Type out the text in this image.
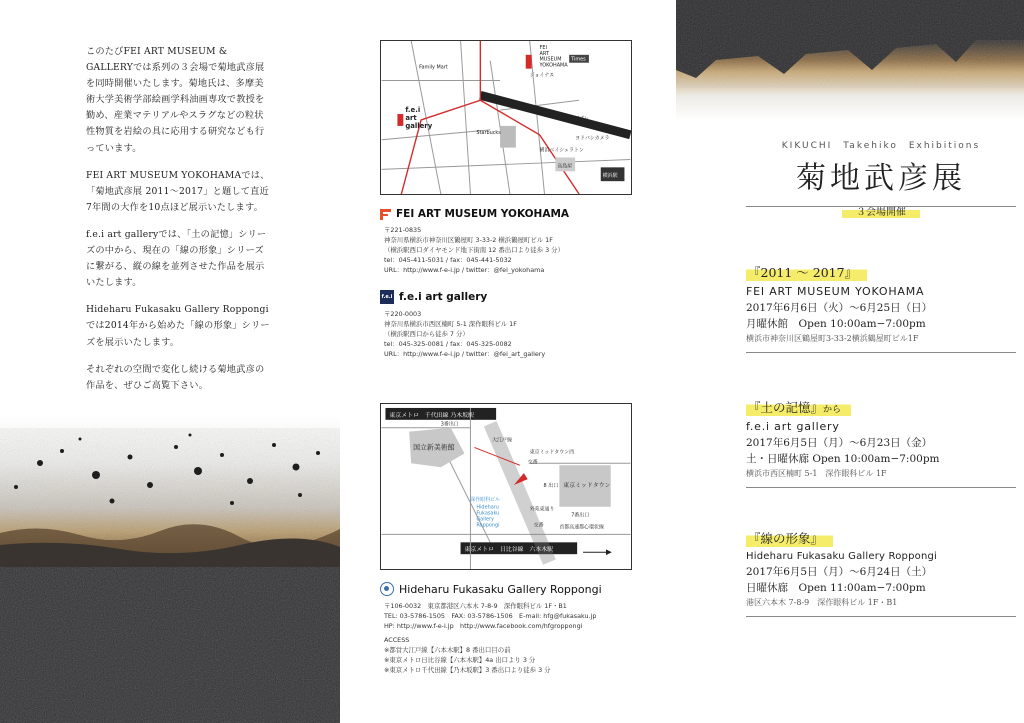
このたびFEI ART MUSEUM & GALLERYでは系列の３会場で菊地武彦展を同時開催いたします。菊地氏は、多摩美術大学美術学部絵画学科油画専攻で教授を勤め、産業マテリアルやスラグなどの粒状性物質を岩絵の具に応用する研究なども行っています。

FEI ART MUSEUM YOKOHAMAでは、「菊地武彦展 2011〜2017」と題して直近7年間の大作を10点ほど展示いたします。

f.e.i art galleryでは、「土の記憶」シリーズの中から、現在の「線の形象」シリーズに繋がる、縦の線を並列させた作品を展示いたします。

Hideharu Fukasaku Gallery Roppongiでは2014年から始めた「線の形象」シリーズを展示いたします。

それぞれの空間で変化し続ける菊地武彦の作品を、ぜひご高覧下さい。

FEI
ART
MUSEUM
YOKOHAMA
f.e.i
art
gallery
Family Mart
Starbucks
Times
高島屋
横浜駅
ジョイナス
ビブレ
ヨドバシカメラ
横浜ベイシェラトン
FEI ART MUSEUM YOKOHAMA
〒221-0835
神奈川県横浜市神奈川区鶴屋町 3-33-2 横浜鶴屋町ビル 1F
（横浜駅西口ダイヤモンド地下街南 12 番出口より徒歩 3 分）
tel：045-411-5031 / fax：045-441-5032
URL：http://www.f-e-i.jp / twitter：@fei_yokohama
f.e.i f.e.i art gallery
〒220-0003
神奈川県横浜市西区楠町 5-1 深作眼科ビル 1F
（横浜駅西口から徒歩 7 分）
tel：045-325-0081 / fax：045-325-0082
URL：http://www.f-e-i.jp / twitter：@fei_art_gallery
東京メトロ　千代田線 乃木坂駅
3番出口
国立新美術館
東京ミッドタウン西
交番
東京ミッドタウン
8 出口
7番出口
外苑東通り
大江戸線
深作眼科ビル
Hideharu
Fukasaku
Gallery
Roppongi	交番	首都高速都心環状線
東京メトロ　日比谷線　六本木駅
Hideharu Fukasaku Gallery Roppongi
〒106-0032　東京都港区六本木 7-8-9　深作眼科ビル 1F・B1
TEL: 03-5786-1505　FAX: 03-5786-1506　E-mail: hfg@fukasaku.jp
HP: http://www.f-e-i.jp　http://www.facebook.com/hfgroppongi
ACCESS
※都営大江戸線【六本木駅】8 番出口目の前
※東京メトロ日比谷線【六本木駅】4a 出口より 3 分
※東京メトロ千代田線【乃木坂駅】3 番出口より徒歩 3 分
KIKUCHI　Takehiko　Exhibitions
菊地武彦展
３会場開催
『2011 〜 2017』
FEI ART MUSEUM YOKOHAMA
2017年6月6日（火）〜6月25日（日）
月曜休館　Open 10:00am−7:00pm
横浜市神奈川区鶴屋町3-33-2横浜鶴屋町ビル1F
『土の記憶』から
f.e.i art gallery
2017年6月5日（月）〜6月23日（金）
土・日曜休廊 Open 10:00am−7:00pm
横浜市西区楠町 5-1　深作眼科ビル 1F
『線の形象』
Hideharu Fukasaku Gallery Roppongi
2017年6月5日（月）〜6月24日（土）
日曜休廊　Open 11:00am−7:00pm
港区六本木 7-8-9　深作眼科ビル 1F・B1
